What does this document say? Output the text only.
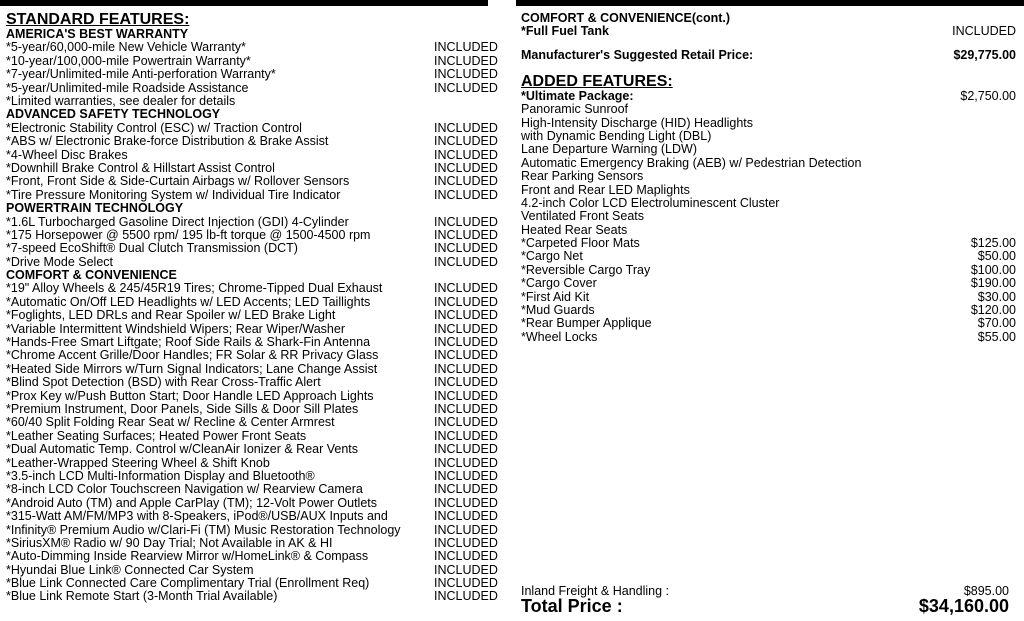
STANDARD FEATURES:
AMERICA'S BEST WARRANTY
*5-year/60,000-mile New Vehicle Warranty*	INCLUDED
*10-year/100,000-mile Powertrain Warranty*	INCLUDED
*7-year/Unlimited-mile Anti-perforation Warranty*	INCLUDED
*5-year/Unlimited-mile Roadside Assistance	INCLUDED
*Limited warranties, see dealer for details
ADVANCED SAFETY TECHNOLOGY
*Electronic Stability Control (ESC) w/ Traction Control	INCLUDED
*ABS w/ Electronic Brake-force Distribution & Brake Assist	INCLUDED
*4-Wheel Disc Brakes	INCLUDED
*Downhill Brake Control & Hillstart Assist Control	INCLUDED
*Front, Front Side & Side-Curtain Airbags w/ Rollover Sensors	INCLUDED
*Tire Pressure Monitoring System w/ Individual Tire Indicator	INCLUDED
POWERTRAIN TECHNOLOGY
*1.6L Turbocharged Gasoline Direct Injection (GDI) 4-Cylinder	INCLUDED
*175 Horsepower @ 5500 rpm/ 195 lb-ft torque @ 1500-4500 rpm	INCLUDED
*7-speed EcoShift® Dual Clutch Transmission (DCT)	INCLUDED
*Drive Mode Select	INCLUDED
COMFORT & CONVENIENCE
*19" Alloy Wheels & 245/45R19 Tires; Chrome-Tipped Dual Exhaust	INCLUDED
*Automatic On/Off LED Headlights w/ LED Accents; LED Taillights	INCLUDED
*Foglights, LED DRLs and Rear Spoiler w/ LED Brake Light	INCLUDED
*Variable Intermittent Windshield Wipers; Rear Wiper/Washer	INCLUDED
*Hands-Free Smart Liftgate; Roof Side Rails & Shark-Fin Antenna	INCLUDED
*Chrome Accent Grille/Door Handles; FR Solar & RR Privacy Glass	INCLUDED
*Heated Side Mirrors w/Turn Signal Indicators; Lane Change Assist	INCLUDED
*Blind Spot Detection (BSD) with Rear Cross-Traffic Alert	INCLUDED
*Prox Key w/Push Button Start; Door Handle LED Approach Lights	INCLUDED
*Premium Instrument, Door Panels, Side Sills & Door Sill Plates	INCLUDED
*60/40 Split Folding Rear Seat w/ Recline & Center Armrest	INCLUDED
*Leather Seating Surfaces; Heated Power Front Seats	INCLUDED
*Dual Automatic Temp. Control w/CleanAir Ionizer & Rear Vents	INCLUDED
*Leather-Wrapped Steering Wheel & Shift Knob	INCLUDED
*3.5-inch LCD Multi-Information Display and Bluetooth®	INCLUDED
*8-inch LCD Color Touchscreen Navigation w/ Rearview Camera	INCLUDED
*Android Auto (TM) and Apple CarPlay (TM); 12-Volt Power Outlets	INCLUDED
*315-Watt AM/FM/MP3 with 8-Speakers, iPod®/USB/AUX Inputs and	INCLUDED
*Infinity® Premium Audio w/Clari-Fi (TM) Music Restoration Technology	INCLUDED
*SiriusXM® Radio w/ 90 Day Trial; Not Available in AK & HI	INCLUDED
*Auto-Dimming Inside Rearview Mirror w/HomeLink® & Compass	INCLUDED
*Hyundai Blue Link® Connected Car System	INCLUDED
*Blue Link Connected Care Complimentary Trial (Enrollment Req)	INCLUDED
*Blue Link Remote Start (3-Month Trial Available)	INCLUDED
COMFORT & CONVENIENCE(cont.)
*Full Fuel Tank	INCLUDED
Manufacturer's Suggested Retail Price:	$29,775.00
ADDED FEATURES:
*Ultimate Package:	$2,750.00
Panoramic Sunroof
High-Intensity Discharge (HID) Headlights
with Dynamic Bending Light (DBL)
Lane Departure Warning (LDW)
Automatic Emergency Braking (AEB) w/ Pedestrian Detection
Rear Parking Sensors
Front and Rear LED Maplights
4.2-inch Color LCD Electroluminescent Cluster
Ventilated Front Seats
Heated Rear Seats
*Carpeted Floor Mats	$125.00
*Cargo Net	$50.00
*Reversible Cargo Tray	$100.00
*Cargo Cover	$190.00
*First Aid Kit	$30.00
*Mud Guards	$120.00
*Rear Bumper Applique	$70.00
*Wheel Locks	$55.00
Inland Freight & Handling :	$895.00
Total Price :	$34,160.00
